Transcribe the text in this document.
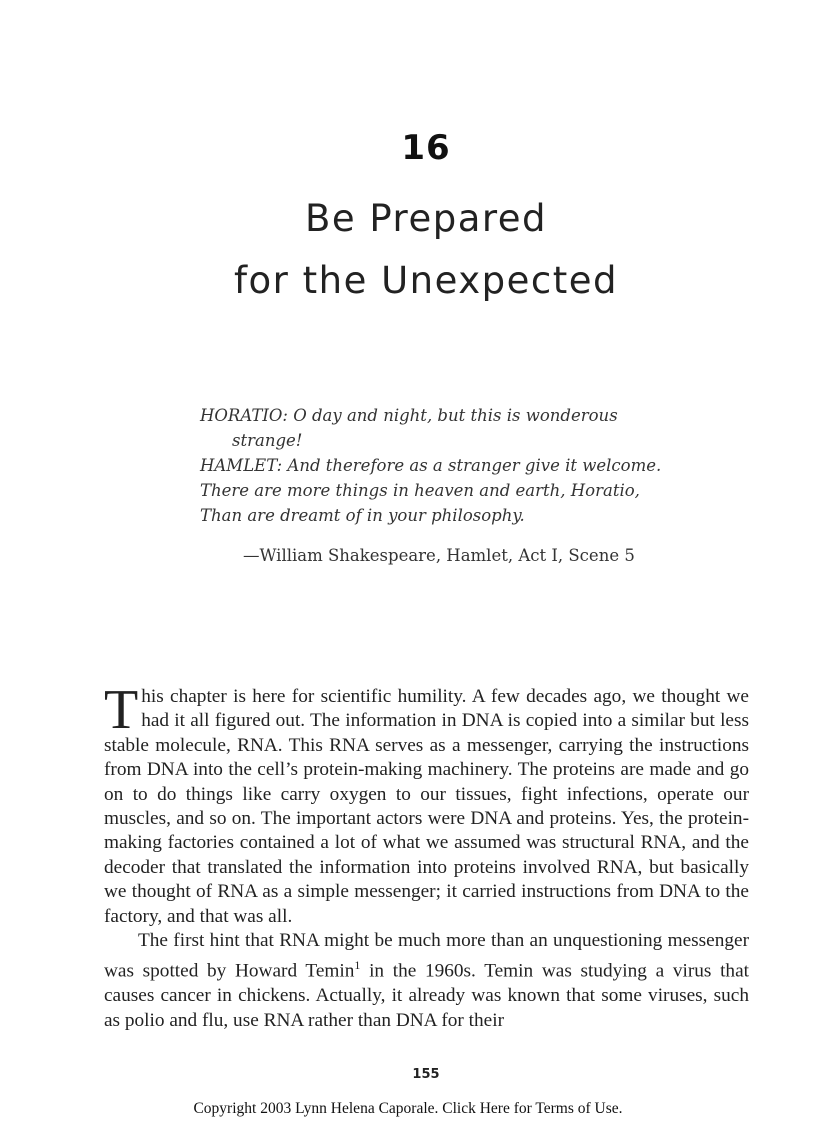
16
Be Prepared
for the Unexpected
HORATIO: O day and night, but this is wonderous
strange!
HAMLET: And therefore as a stranger give it welcome.
There are more things in heaven and earth, Horatio,
Than are dreamt of in your philosophy.
—William Shakespeare, Hamlet, Act I, Scene 5

This chapter is here for scientific humility. A few decades ago, we thought we had it all figured out. The information in DNA is copied into a similar but less stable molecule, RNA. This RNA serves as a messenger, carrying the instructions from DNA into the cell’s protein-making machinery. The proteins are made and go on to do things like carry oxygen to our tissues, fight infections, operate our muscles, and so on. The important actors were DNA and proteins. Yes, the protein-making factories contained a lot of what we assumed was structural RNA, and the decoder that translated the information into proteins involved RNA, but basically we thought of RNA as a simple messenger; it carried instructions from DNA to the factory, and that was all.

The first hint that RNA might be much more than an unquestioning messenger was spotted by Howard Temin$^1$ in the 1960s. Temin was studying a virus that causes cancer in chickens. Actually, it already was known that some viruses, such as polio and flu, use RNA rather than DNA for their

155
Copyright 2003 Lynn Helena Caporale. Click Here for Terms of Use.
